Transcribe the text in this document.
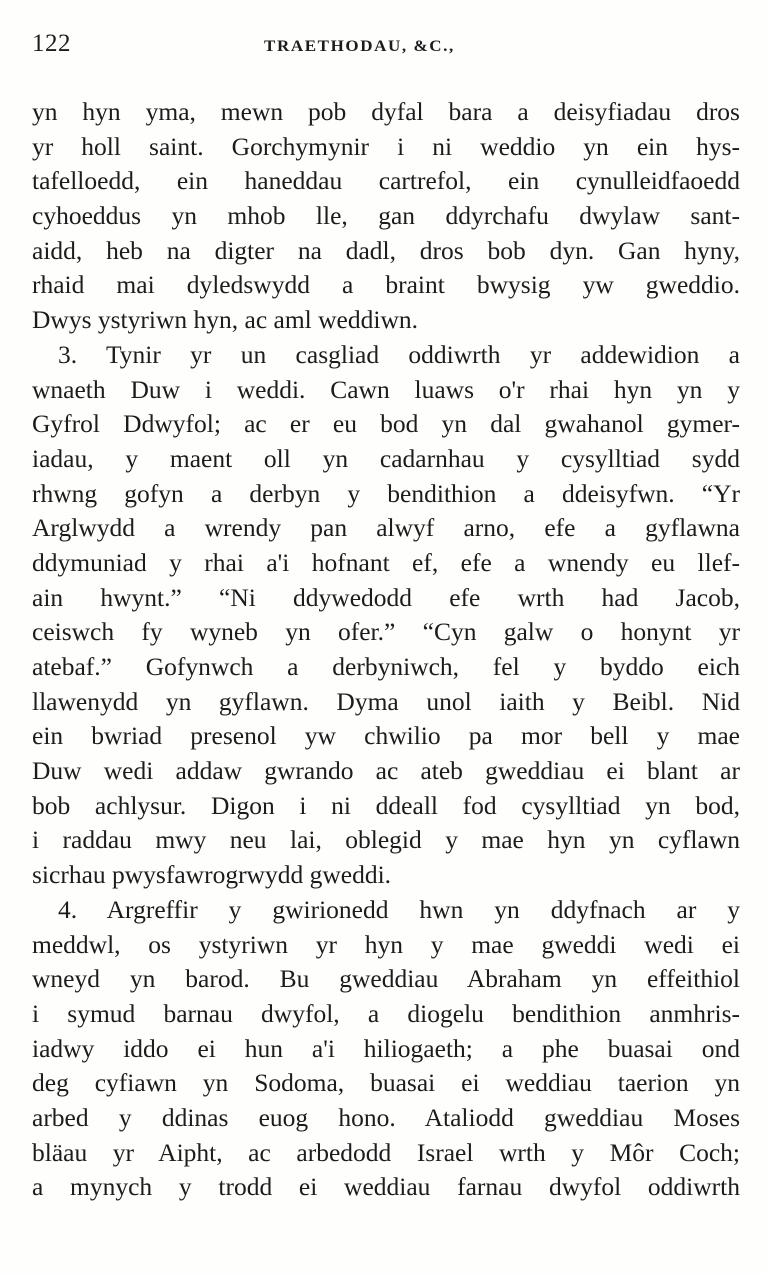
122	TRAETHODAU, &C.,
yn hyn yma, mewn pob dyfal bara a deisyfiadau dros
yr holl saint. Gorchymynir i ni weddio yn ein hys-
tafelloedd, ein haneddau cartrefol, ein cynulleidfaoedd
cyhoeddus yn mhob lle, gan ddyrchafu dwylaw sant-
aidd, heb na digter na dadl, dros bob dyn. Gan hyny,
rhaid mai dyledswydd a braint bwysig yw gweddio.
Dwys ystyriwn hyn, ac aml weddiwn.
3. Tynir yr un casgliad oddiwrth yr addewidion a
wnaeth Duw i weddi. Cawn luaws o'r rhai hyn yn y
Gyfrol Ddwyfol; ac er eu bod yn dal gwahanol gymer-
iadau, y maent oll yn cadarnhau y cysylltiad sydd
rhwng gofyn a derbyn y bendithion a ddeisyfwn. “Yr
Arglwydd a wrendy pan alwyf arno, efe a gyflawna
ddymuniad y rhai a'i hofnant ef, efe a wnendy eu llef-
ain hwynt.” “Ni ddywedodd efe wrth had Jacob,
ceiswch fy wyneb yn ofer.” “Cyn galw o honynt yr
atebaf.” Gofynwch a derbyniwch, fel y byddo eich
llawenydd yn gyflawn. Dyma unol iaith y Beibl. Nid
ein bwriad presenol yw chwilio pa mor bell y mae
Duw wedi addaw gwrando ac ateb gweddiau ei blant ar
bob achlysur. Digon i ni ddeall fod cysylltiad yn bod,
i raddau mwy neu lai, oblegid y mae hyn yn cyflawn
sicrhau pwysfawrogrwydd gweddi.
4. Argreffir y gwirionedd hwn yn ddyfnach ar y
meddwl, os ystyriwn yr hyn y mae gweddi wedi ei
wneyd yn barod. Bu gweddiau Abraham yn effeithiol
i symud barnau dwyfol, a diogelu bendithion anmhris-
iadwy iddo ei hun a'i hiliogaeth; a phe buasai ond
deg cyfiawn yn Sodoma, buasai ei weddiau taerion yn
arbed y ddinas euog hono. Ataliodd gweddiau Moses
bläau yr Aipht, ac arbedodd Israel wrth y Môr Coch;
a mynych y trodd ei weddiau farnau dwyfol oddiwrth
